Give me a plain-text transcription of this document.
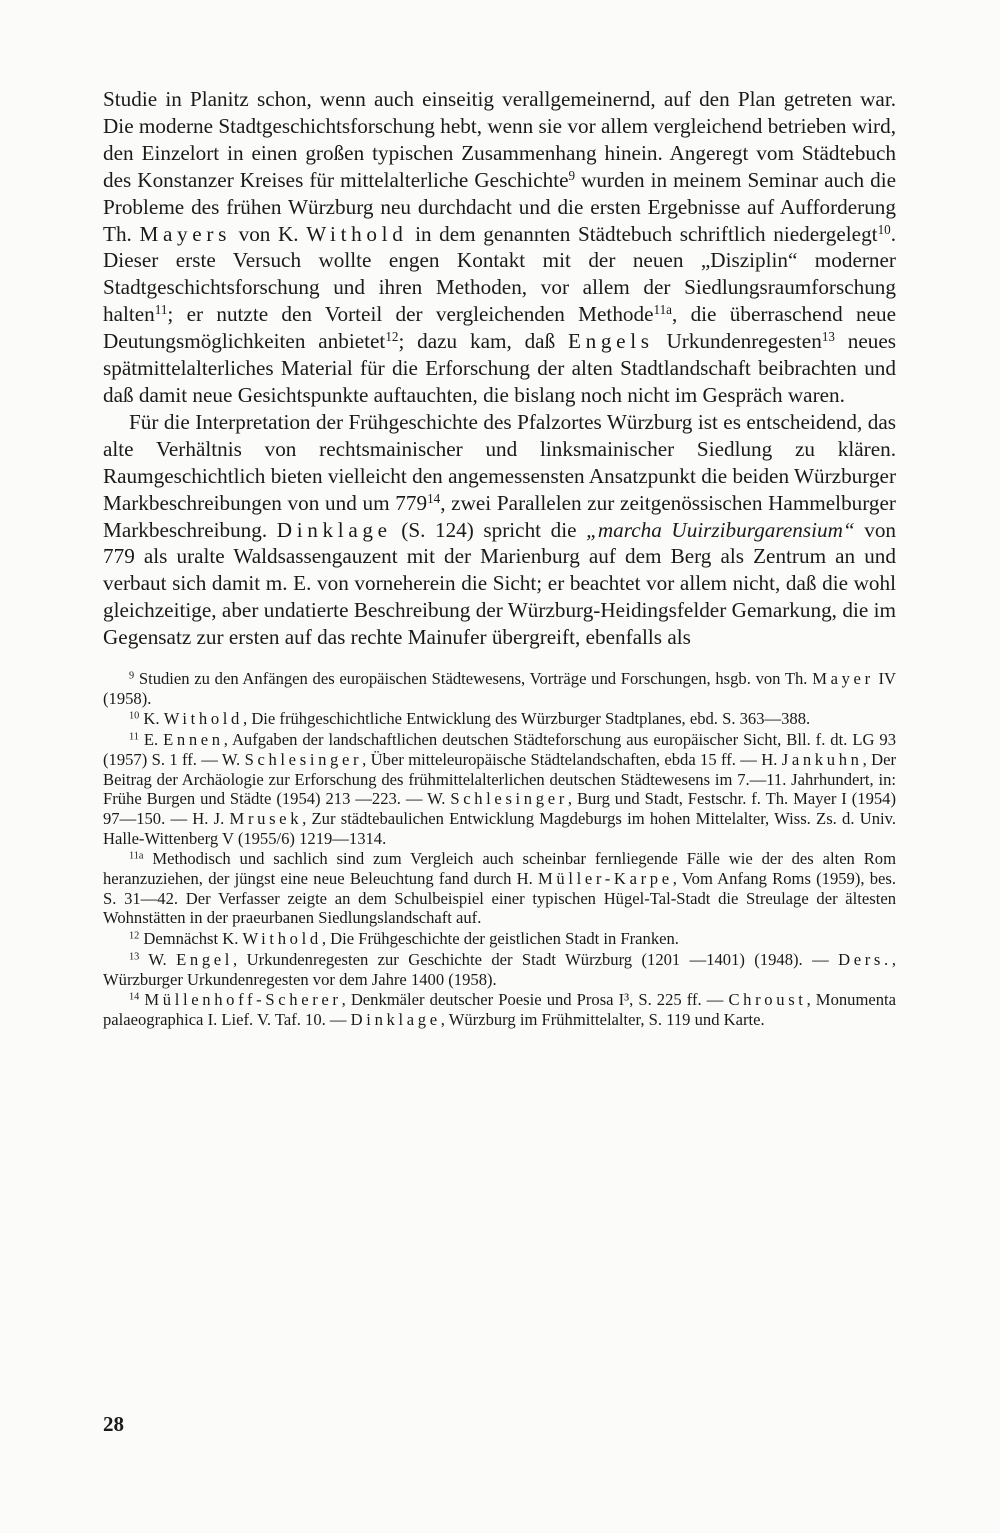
Studie in Planitz schon, wenn auch einseitig verallgemeinernd, auf den Plan getreten war. Die moderne Stadtgeschichtsforschung hebt, wenn sie vor allem vergleichend betrieben wird, den Einzelort in einen großen typischen Zusammenhang hinein. Angeregt vom Städtebuch des Konstanzer Kreises für mittelalterliche Geschichte$^9$ wurden in meinem Seminar auch die Probleme des frühen Würzburg neu durchdacht und die ersten Ergebnisse auf Aufforderung Th. Mayers von K. Withold in dem genannten Städtebuch schriftlich niedergelegt$^{10}$. Dieser erste Versuch wollte engen Kontakt mit der neuen „Disziplin“ moderner Stadtgeschichtsforschung und ihren Methoden, vor allem der Siedlungsraumforschung halten$^{11}$; er nutzte den Vorteil der vergleichenden Methode$^{11a}$, die überraschend neue Deutungsmöglichkeiten anbietet$^{12}$; dazu kam, daß Engels Urkundenregesten$^{13}$ neues spätmittelalterliches Material für die Erforschung der alten Stadtlandschaft beibrachten und daß damit neue Gesichtspunkte auftauchten, die bislang noch nicht im Gespräch waren.

Für die Interpretation der Frühgeschichte des Pfalzortes Würzburg ist es entscheidend, das alte Verhältnis von rechtsmainischer und linksmainischer Siedlung zu klären. Raumgeschichtlich bieten vielleicht den angemessensten Ansatzpunkt die beiden Würzburger Markbeschreibungen von und um $779^{14}$, zwei Parallelen zur zeitgenössischen Hammelburger Markbeschreibung. Dinklage (S. 124) spricht die „marcha Uuirziburgarensium“ von 779 als uralte Waldsassengauzent mit der Marienburg auf dem Berg als Zentrum an und verbaut sich damit m. E. von vorneherein die Sicht; er beachtet vor allem nicht, daß die wohl gleichzeitige, aber undatierte Beschreibung der Würzburg-Heidingsfelder Gemarkung, die im Gegensatz zur ersten auf das rechte Mainufer übergreift, ebenfalls als

$^9$ Studien zu den Anfängen des europäischen Städtewesens, Vorträge und Forschungen, hsgb. von Th. Mayer IV (1958).

$^{10}$ K. Withold, Die frühgeschichtliche Entwicklung des Würzburger Stadtplanes, ebd. S. 363—388.

$^{11}$ E. Ennen, Aufgaben der landschaftlichen deutschen Städteforschung aus europäischer Sicht, Bll. f. dt. LG 93 (1957) S. 1 ff. — W. Schlesinger, Über mitteleuropäische Städtelandschaften, ebda 15 ff. — H. Jankuhn, Der Beitrag der Archäologie zur Erforschung des frühmittelalterlichen deutschen Städtewesens im 7.—11. Jahrhundert, in: Frühe Burgen und Städte (1954) 213 —223. — W. Schlesinger, Burg und Stadt, Festschr. f. Th. Mayer I (1954) 97—150. — H. J. Mrusek, Zur städtebaulichen Entwicklung Magdeburgs im hohen Mittelalter, Wiss. Zs. d. Univ. Halle-Wittenberg V (1955/6) 1219—1314.

$^{11a}$ Methodisch und sachlich sind zum Vergleich auch scheinbar fernliegende Fälle wie der des alten Rom heranzuziehen, der jüngst eine neue Beleuchtung fand durch H. Müller-Karpe, Vom Anfang Roms (1959), bes. S. 31—42. Der Verfasser zeigte an dem Schulbeispiel einer typischen Hügel-Tal-Stadt die Streulage der ältesten Wohnstätten in der praeurbanen Siedlungslandschaft auf.

$^{12}$ Demnächst K. Withold, Die Frühgeschichte der geistlichen Stadt in Franken.

$^{13}$ W. Engel, Urkundenregesten zur Geschichte der Stadt Würzburg (1201 —1401) (1948). — Ders., Würzburger Urkundenregesten vor dem Jahre 1400 (1958).

$^{14}$ Müllenhoff-Scherer, Denkmäler deutscher Poesie und Prosa I³, S. 225 ff. — Chroust, Monumenta palaeographica I. Lief. V. Taf. 10. — Dinklage, Würzburg im Frühmittelalter, S. 119 und Karte.

28
